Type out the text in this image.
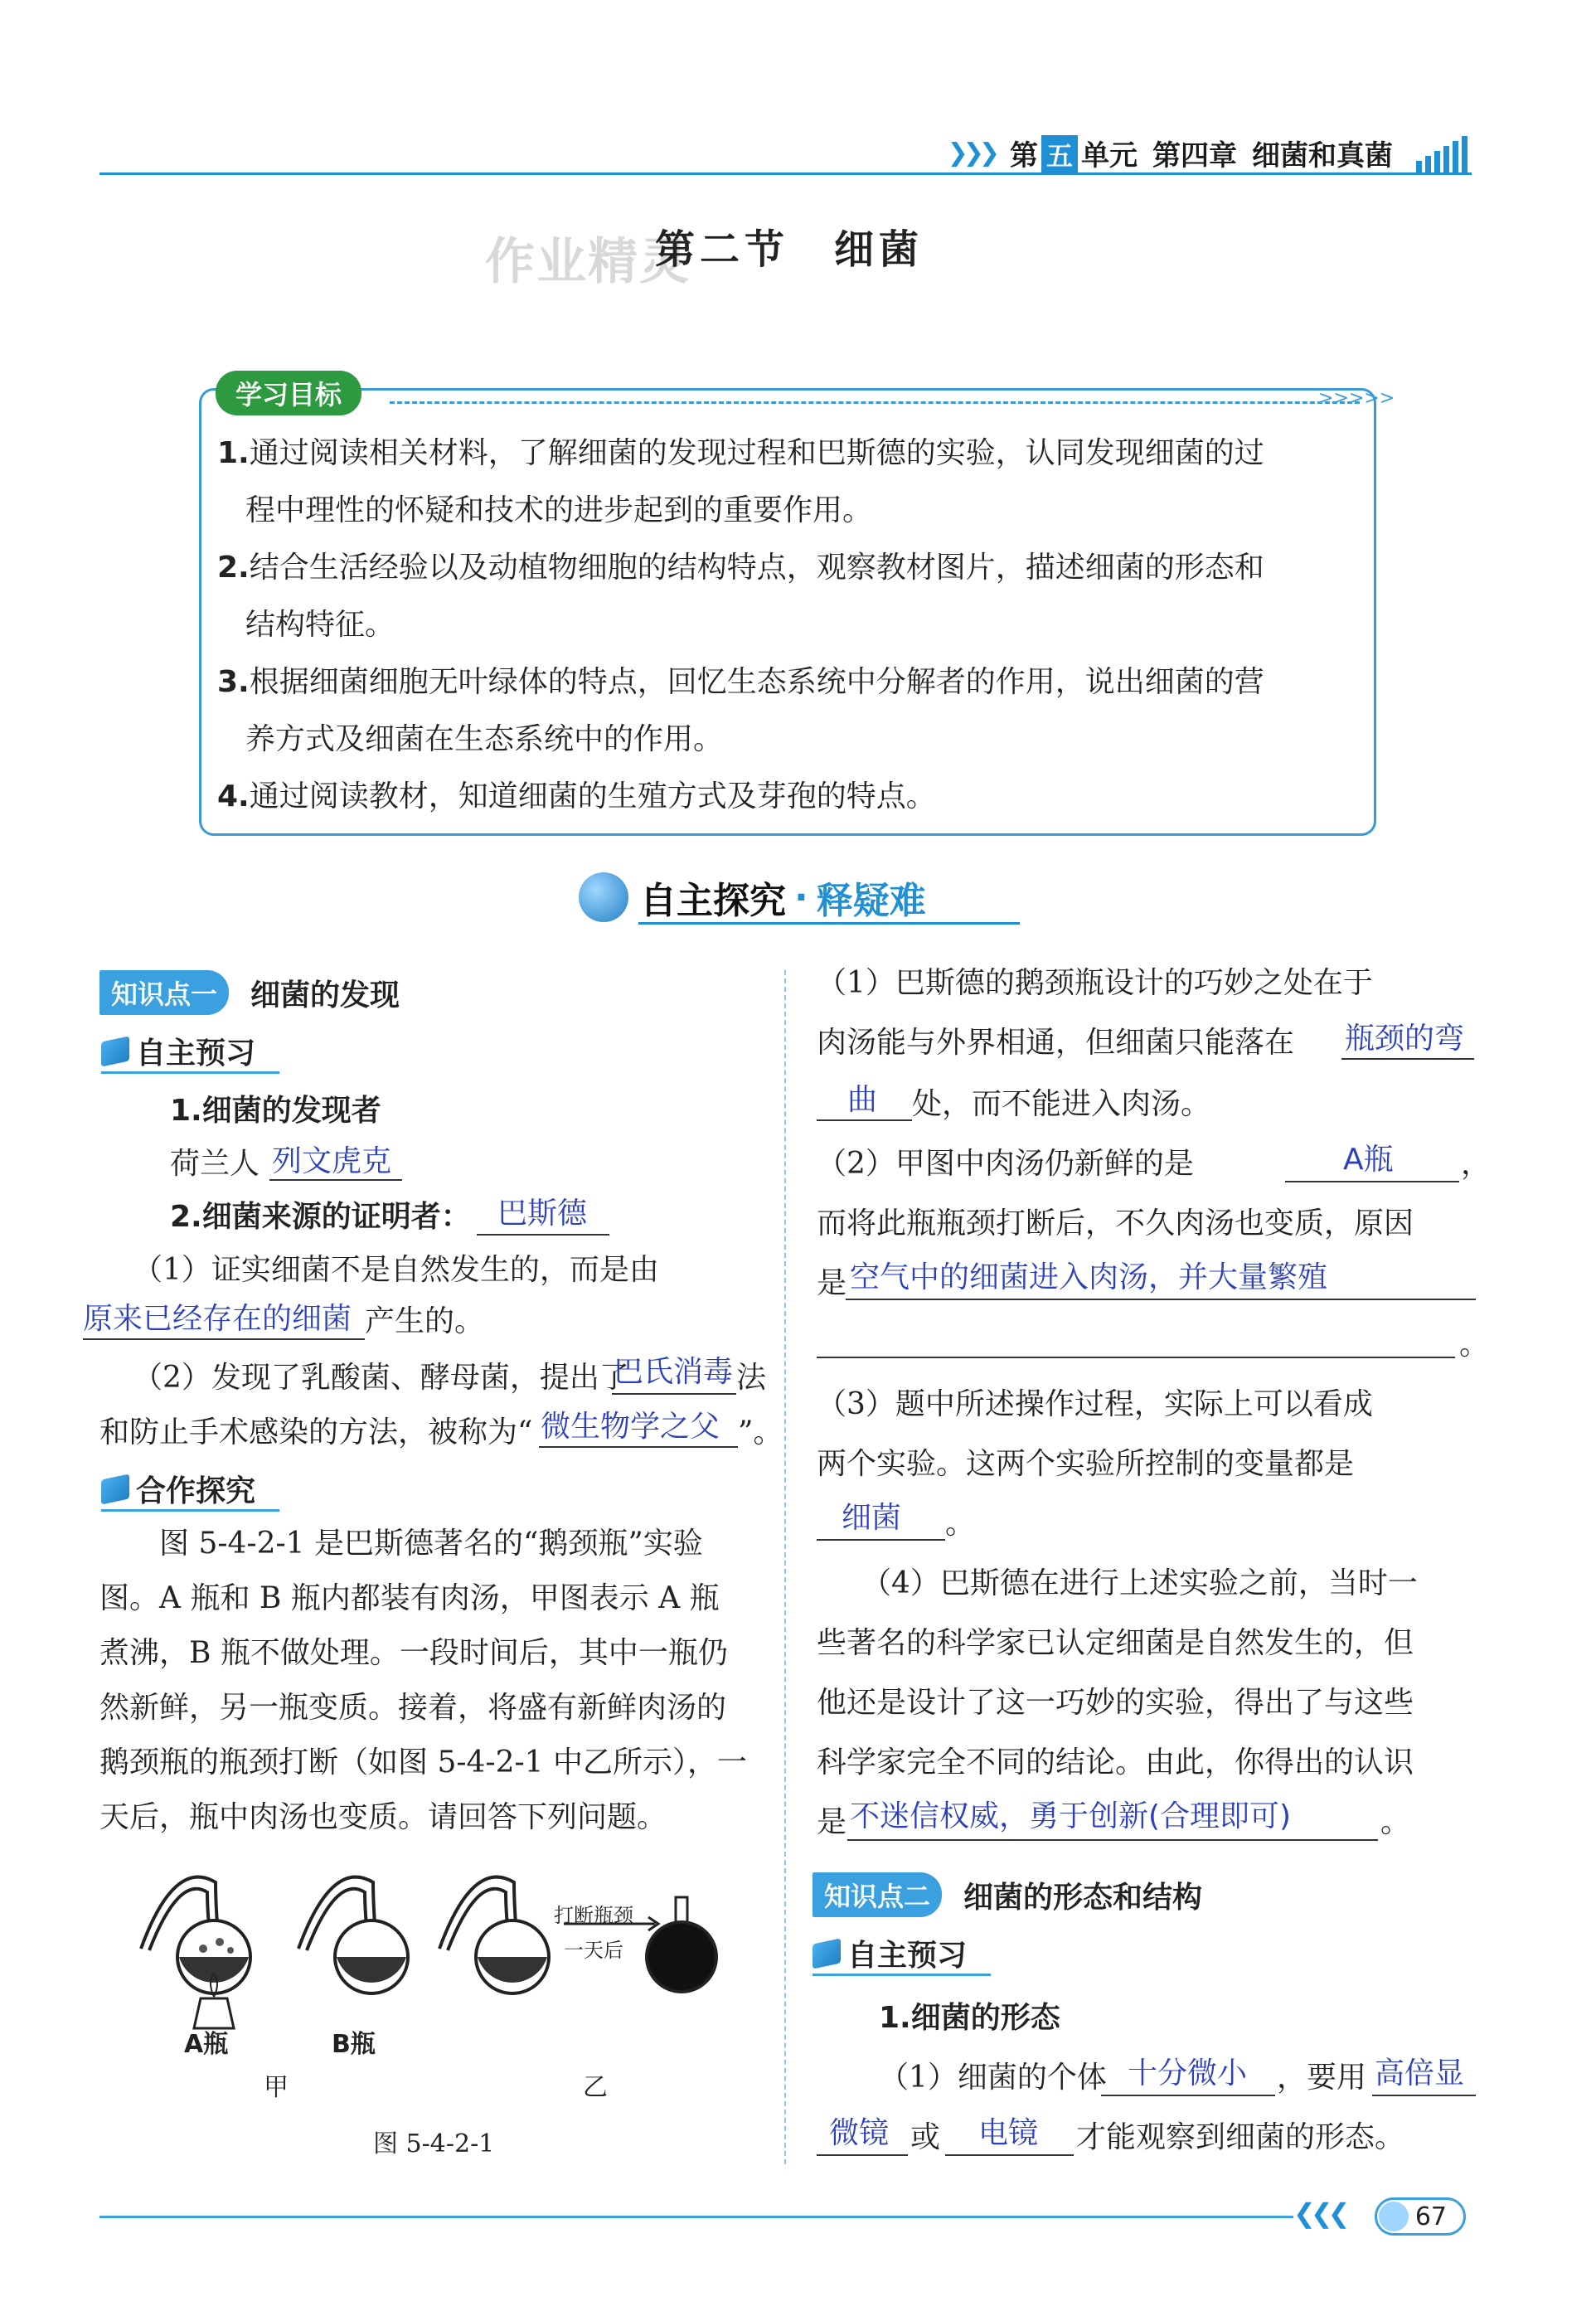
❯❯❯ 第 五 单元 第四章 细菌和真菌
作业精灵
第二节　细菌
>>>>>
学习目标
1.通过阅读相关材料，了解细菌的发现过程和巴斯德的实验，认同发现细菌的过
程中理性的怀疑和技术的进步起到的重要作用。
2.结合生活经验以及动植物细胞的结构特点，观察教材图片，描述细菌的形态和
结构特征。
3.根据细菌细胞无叶绿体的特点，回忆生态系统中分解者的作用，说出细菌的营
养方式及细菌在生态系统中的作用。
4.通过阅读教材，知道细菌的生殖方式及芽孢的特点。
自主探究 · 释疑难
知识点一	细菌的发现
自主预习
1.细菌的发现者
荷兰人 列文虎克
2.细菌来源的证明者： 巴斯德
（1）证实细菌不是自然发生的，而是由
原来已经存在的细菌 产生的。
（2）发现了乳酸菌、酵母菌，提出了
巴氏消毒 法
和防止手术感染的方法，被称为“ 微生物学之父 ”。
合作探究
　　图 5-4-2-1 是巴斯德著名的“鹅颈瓶”实验
图。A 瓶和 B 瓶内都装有肉汤，甲图表示 A 瓶
煮沸，B 瓶不做处理。一段时间后，其中一瓶仍
然新鲜，另一瓶变质。接着，将盛有新鲜肉汤的
鹅颈瓶的瓶颈打断（如图 5-4-2-1 中乙所示），一
天后，瓶中肉汤也变质。请回答下列问题。
打断瓶颈
一天后
A瓶	B瓶
甲	乙
图 5-4-2-1
（1）巴斯德的鹅颈瓶设计的巧妙之处在于
肉汤能与外界相通，但细菌只能落在 瓶颈的弯
曲 处，而不能进入肉汤。
（2）甲图中肉汤仍新鲜的是	A瓶 ，
而将此瓶瓶颈打断后，不久肉汤也变质，原因
是 空气中的细菌进入肉汤，并大量繁殖
。
（3）题中所述操作过程，实际上可以看成
两个实验。这两个实验所控制的变量都是
细菌 。
　　（4）巴斯德在进行上述实验之前，当时一
些著名的科学家已认定细菌是自然发生的，但
他还是设计了这一巧妙的实验，得出了与这些
科学家完全不同的结论。由此，你得出的认识
是 不迷信权威，勇于创新(合理即可)	。
知识点二	细菌的形态和结构
自主预习
1.细菌的形态
（1）细菌的个体 十分微小 ，要用 高倍显
微镜 或 电镜 才能观察到细菌的形态。
❮❮❮	67
